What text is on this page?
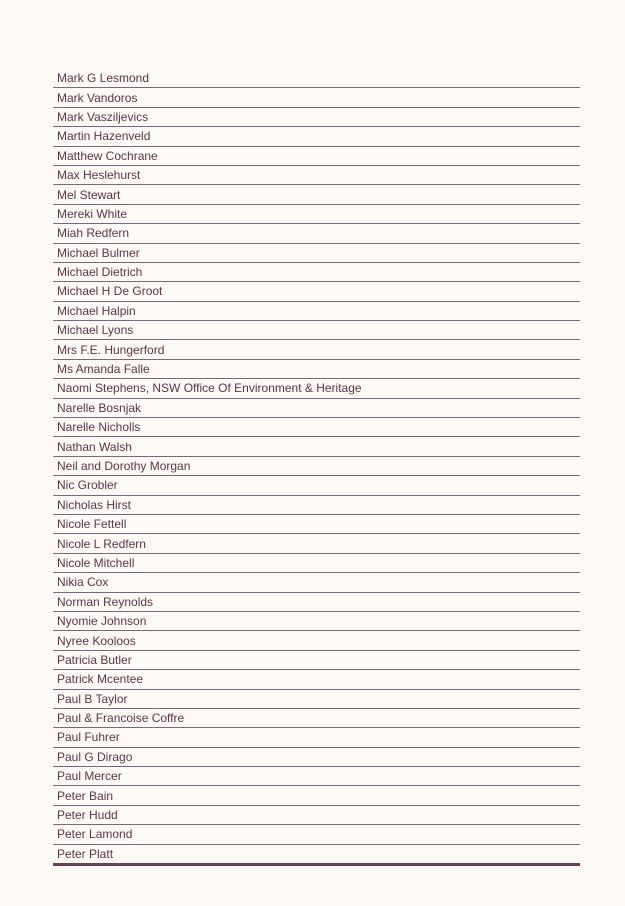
Mark G Lesmond
Mark Vandoros
Mark Vasziljevics
Martin Hazenveld
Matthew Cochrane
Max Heslehurst
Mel Stewart
Mereki White
Miah Redfern
Michael Bulmer
Michael Dietrich
Michael H De Groot
Michael Halpin
Michael Lyons
Mrs F.E. Hungerford
Ms Amanda Falle
Naomi Stephens, NSW Office Of Environment & Heritage
Narelle Bosnjak
Narelle Nicholls
Nathan Walsh
Neil and Dorothy Morgan
Nic Grobler
Nicholas Hirst
Nicole Fettell
Nicole L Redfern
Nicole Mitchell
Nikia Cox
Norman Reynolds
Nyomie Johnson
Nyree Koolоos
Patricia Butler
Patrick Mcentee
Paul B Taylor
Paul & Francoise Coffre
Paul Fuhrer
Paul G Dirago
Paul Mercer
Peter Bain
Peter Hudd
Peter Lamond
Peter Platt
